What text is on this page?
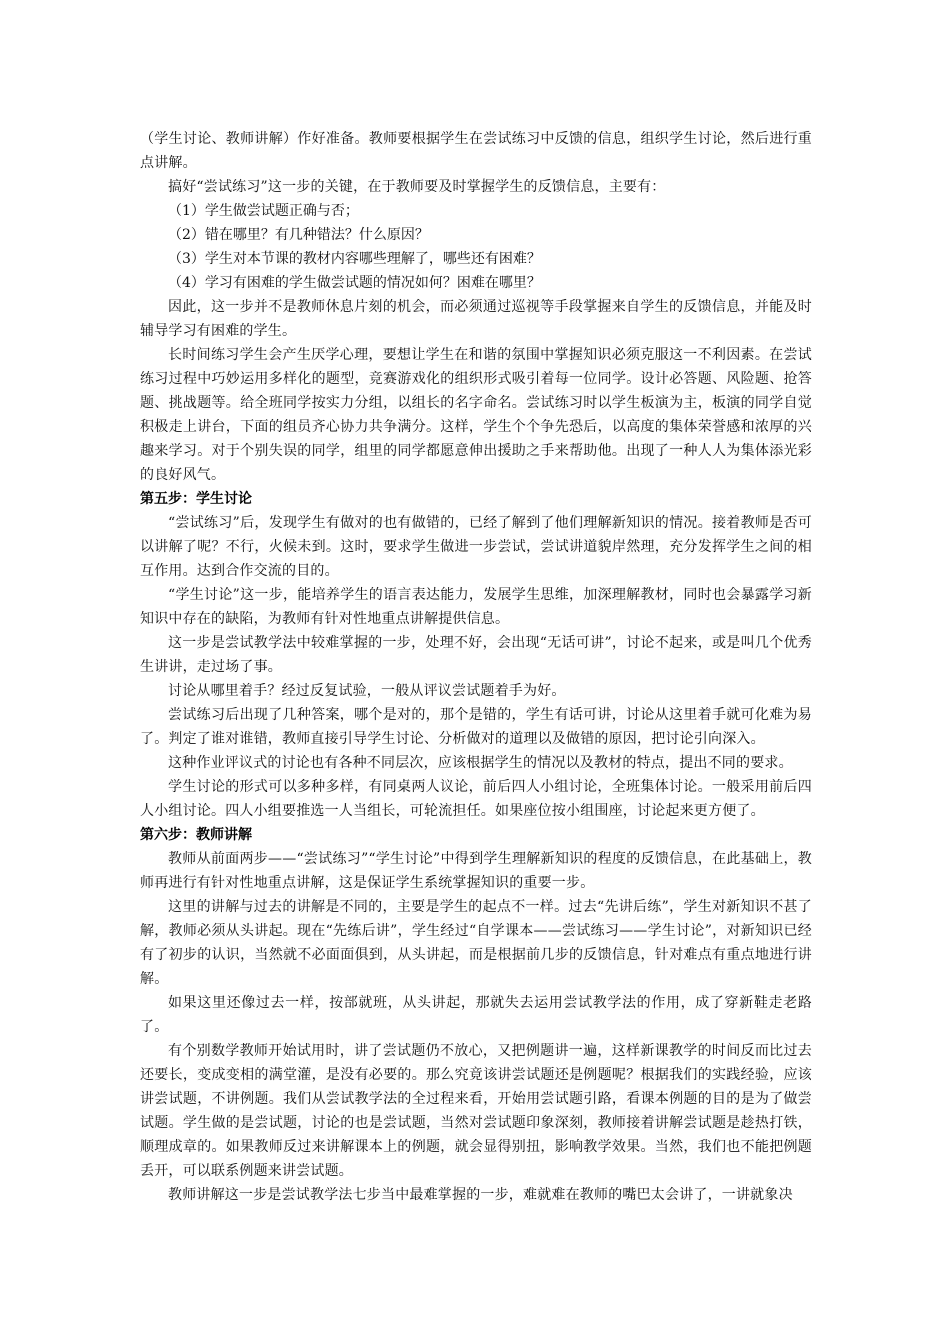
（学生讨论、教师讲解）作好准备。教师要根据学生在尝试练习中反馈的信息，组织学生讨论，然后进行重点讲解。

搞好“尝试练习”这一步的关键，在于教师要及时掌握学生的反馈信息，主要有：

（1）学生做尝试题正确与否；

（2）错在哪里？有几种错法？什么原因？

（3）学生对本节课的教材内容哪些理解了，哪些还有困难？

（4）学习有困难的学生做尝试题的情况如何？困难在哪里？

因此，这一步并不是教师休息片刻的机会，而必须通过巡视等手段掌握来自学生的反馈信息，并能及时辅导学习有困难的学生。

长时间练习学生会产生厌学心理，要想让学生在和谐的氛围中掌握知识必须克服这一不利因素。在尝试练习过程中巧妙运用多样化的题型，竞赛游戏化的组织形式吸引着每一位同学。设计必答题、风险题、抢答题、挑战题等。给全班同学按实力分组，以组长的名字命名。尝试练习时以学生板演为主，板演的同学自觉积极走上讲台，下面的组员齐心协力共争满分。这样，学生个个争先恐后，以高度的集体荣誉感和浓厚的兴趣来学习。对于个别失误的同学，组里的同学都愿意伸出援助之手来帮助他。出现了一种人人为集体添光彩的良好风气。

第五步：学生讨论

“尝试练习”后，发现学生有做对的也有做错的，已经了解到了他们理解新知识的情况。接着教师是否可以讲解了呢？不行，火候未到。这时，要求学生做进一步尝试，尝试讲道貌岸然理，充分发挥学生之间的相互作用。达到合作交流的目的。

“学生讨论”这一步，能培养学生的语言表达能力，发展学生思维，加深理解教材，同时也会暴露学习新知识中存在的缺陷，为教师有针对性地重点讲解提供信息。

这一步是尝试教学法中较难掌握的一步，处理不好，会出现“无话可讲”，讨论不起来，或是叫几个优秀生讲讲，走过场了事。

讨论从哪里着手？经过反复试验，一般从评议尝试题着手为好。

尝试练习后出现了几种答案，哪个是对的，那个是错的，学生有话可讲，讨论从这里着手就可化难为易了。判定了谁对谁错，教师直接引导学生讨论、分析做对的道理以及做错的原因，把讨论引向深入。

这种作业评议式的讨论也有各种不同层次，应该根据学生的情况以及教材的特点，提出不同的要求。

学生讨论的形式可以多种多样，有同桌两人议论，前后四人小组讨论，全班集体讨论。一般采用前后四人小组讨论。四人小组要推选一人当组长，可轮流担任。如果座位按小组围座，讨论起来更方便了。

第六步：教师讲解

教师从前面两步——“尝试练习”“学生讨论”中得到学生理解新知识的程度的反馈信息，在此基础上，教师再进行有针对性地重点讲解，这是保证学生系统掌握知识的重要一步。

这里的讲解与过去的讲解是不同的，主要是学生的起点不一样。过去“先讲后练”，学生对新知识不甚了解，教师必须从头讲起。现在“先练后讲”，学生经过“自学课本——尝试练习——学生讨论”，对新知识已经有了初步的认识，当然就不必面面俱到，从头讲起，而是根据前几步的反馈信息，针对难点有重点地进行讲解。

如果这里还像过去一样，按部就班，从头讲起，那就失去运用尝试教学法的作用，成了穿新鞋走老路了。

有个别数学教师开始试用时，讲了尝试题仍不放心，又把例题讲一遍，这样新课教学的时间反而比过去还要长，变成变相的满堂灌，是没有必要的。那么究竟该讲尝试题还是例题呢？根据我们的实践经验，应该讲尝试题，不讲例题。我们从尝试教学法的全过程来看，开始用尝试题引路，看课本例题的目的是为了做尝试题。学生做的是尝试题，讨论的也是尝试题，当然对尝试题印象深刻，教师接着讲解尝试题是趁热打铁，顺理成章的。如果教师反过来讲解课本上的例题，就会显得别扭，影响教学效果。当然，我们也不能把例题丢开，可以联系例题来讲尝试题。

教师讲解这一步是尝试教学法七步当中最难掌握的一步，难就难在教师的嘴巴太会讲了，一讲就象决
